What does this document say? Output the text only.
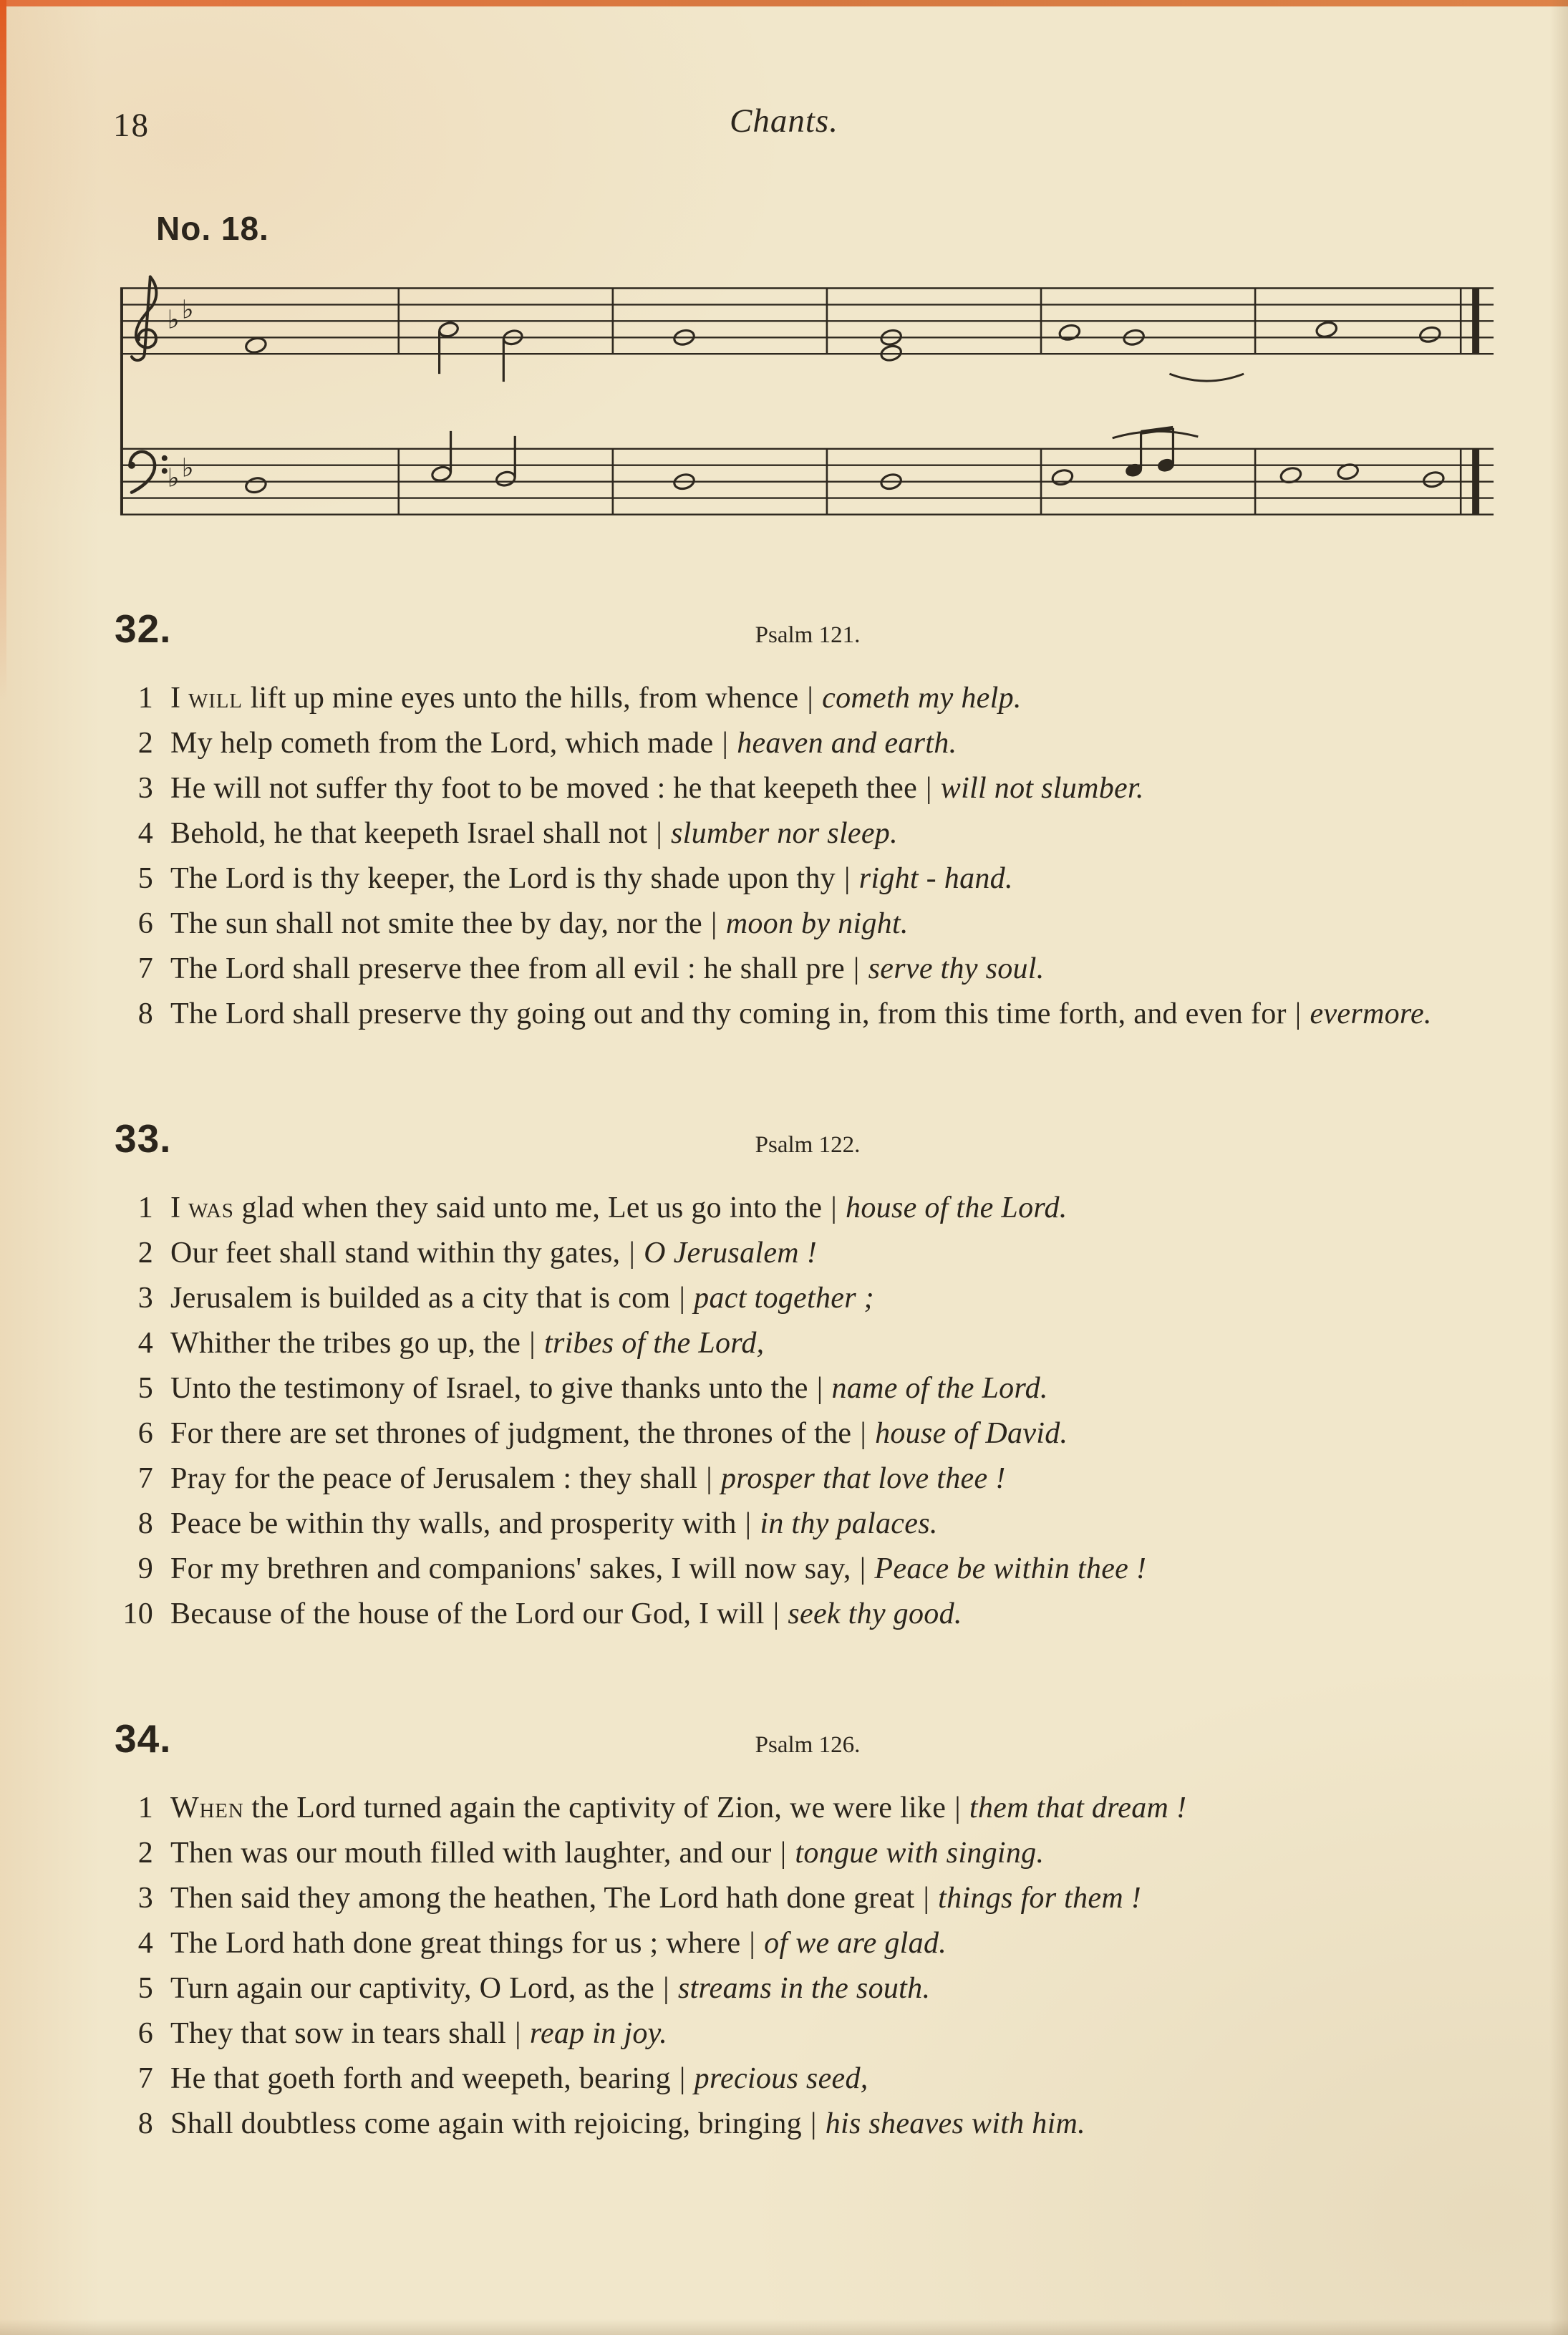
18	Chants.
No. 18.
♭ ♭
♭ ♭
32.	Psalm 121.
1 I will lift up mine eyes unto the hills, from whence | cometh my help.
2 My help cometh from the Lord, which made | heaven and earth.
3 He will not suffer thy foot to be moved : he that keepeth thee | will not slumber.
4 Behold, he that keepeth Israel shall not | slumber nor sleep.
5 The Lord is thy keeper, the Lord is thy shade upon thy | right - hand.
6 The sun shall not smite thee by day, nor the | moon by night.
7 The Lord shall preserve thee from all evil : he shall pre | serve thy soul.
8 The Lord shall preserve thy going out and thy coming in, from this time forth, and even for | evermore.
33.	Psalm 122.
1 I was glad when they said unto me, Let us go into the | house of the Lord.
2 Our feet shall stand within thy gates, | O Jerusalem !
3 Jerusalem is builded as a city that is com | pact together ;
4 Whither the tribes go up, the | tribes of the Lord,
5 Unto the testimony of Israel, to give thanks unto the | name of the Lord.
6 For there are set thrones of judgment, the thrones of the | house of David.
7 Pray for the peace of Jerusalem : they shall | prosper that love thee !
8 Peace be within thy walls, and prosperity with | in thy palaces.
9 For my brethren and companions' sakes, I will now say, | Peace be within thee !
10 Because of the house of the Lord our God, I will | seek thy good.
34.	Psalm 126.
1 When the Lord turned again the captivity of Zion, we were like | them that dream !
2 Then was our mouth filled with laughter, and our | tongue with singing.
3 Then said they among the heathen, The Lord hath done great | things for them !
4 The Lord hath done great things for us ; where | of we are glad.
5 Turn again our captivity, O Lord, as the | streams in the south.
6 They that sow in tears shall | reap in joy.
7 He that goeth forth and weepeth, bearing | precious seed,
8 Shall doubtless come again with rejoicing, bringing | his sheaves with him.
